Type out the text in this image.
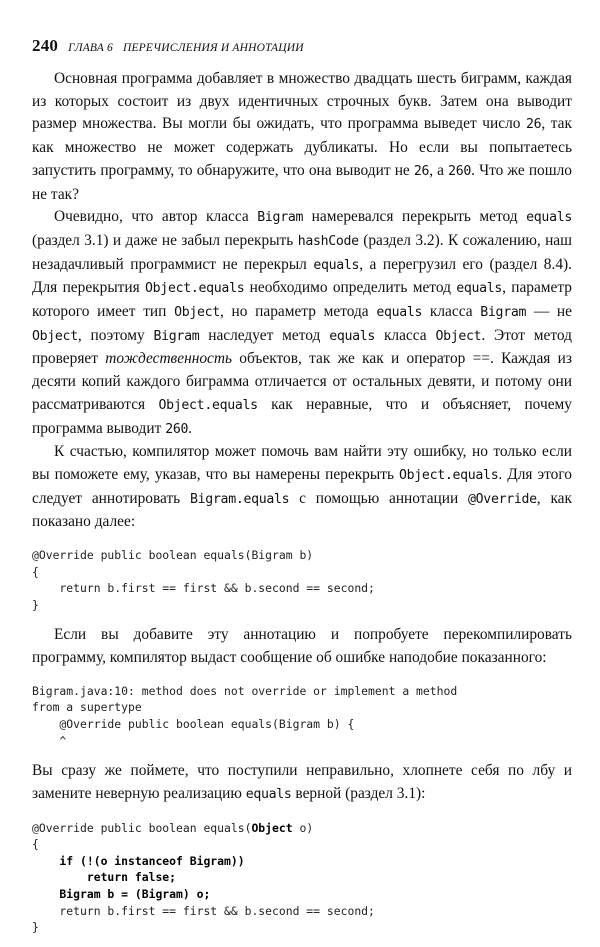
240 ГЛАВА 6 ПЕРЕЧИСЛЕНИЯ И АННОТАЦИИ

Основная программа добавляет в множество двадцать шесть биграмм, каждая из которых состоит из двух идентичных строчных букв. Затем она выводит размер множества. Вы могли бы ожидать, что программа выведет число 26, так как множество не может содержать дубликаты. Но если вы попытаетесь запустить программу, то обнаружите, что она выводит не 26, а 260. Что же пошло не так?

Очевидно, что автор класса Bigram намеревался перекрыть метод equals (раздел 3.1) и даже не забыл перекрыть hashCode (раздел 3.2). К сожалению, наш незадачливый программист не перекрыл equals, а перегрузил его (раздел 8.4). Для перекрытия Object.equals необходимо определить метод equals, параметр которого имеет тип Object, но параметр метода equals класса Bigram — не Object, поэтому Bigram наследует метод equals класса Object. Этот метод проверяет тождественность объектов, так же как и оператор ==. Каждая из десяти копий каждого биграмма отличается от остальных девяти, и потому они рассматриваются Object.equals как неравные, что и объясняет, почему программа выводит 260.

К счастью, компилятор может помочь вам найти эту ошибку, но только если вы поможете ему, указав, что вы намерены перекрыть Object.equals. Для этого следует аннотировать Bigram.equals с помощью аннотации @Override, как показано далее:

@Override public boolean equals(Bigram b)
{
return b.first == first && b.second == second;
}

Если вы добавите эту аннотацию и попробуете перекомпилировать программу, компилятор выдаст сообщение об ошибке наподобие показанного:

Bigram.java:10: method does not override or implement a method
from a supertype
@Override public boolean equals(Bigram b) {
^

Вы сразу же поймете, что поступили неправильно, хлопнете себя по лбу и замените неверную реализацию equals верной (раздел 3.1):

@Override public boolean equals(Object o)
{
if (!(o instanceof Bigram))
return false;
Bigram b = (Bigram) o;
return b.first == first && b.second == second;
}
